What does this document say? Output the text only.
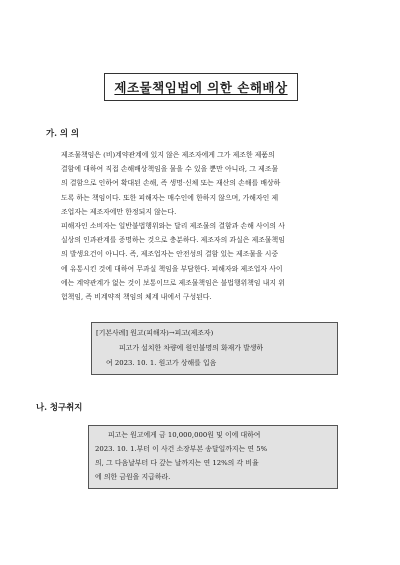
제조물책임법에 의한 손해배상
가. 의 의
제조물책임은 (비)계약관계에 있지 않은 제조자에게 그가 제조한 제품의
결함에 대하여 직접 손해배상책임을 물을 수 있을 뿐만 아니라, 그 제조물
의 결함으로 인하여 확대된 손해, 즉 생명·신체 또는 재산의 손해를 배상하
도록 하는 책임이다. 또한 피해자는 매수인에 한하지 않으며, 가해자인 제
조업자는 제조자에만 한정되지 않는다.
피해자인 소비자는 일반불법행위와는 달리 제조물의 결함과 손해 사이의 사
실상의 인과관계를 증명하는 것으로 충분하다. 제조자의 과실은 제조물책임
의 발생요건이 아니다. 즉, 제조업자는 안전성의 결함 있는 제조물을 시중
에 유통시킨 것에 대하여 무과실 책임을 부담한다. 피해자와 제조업자 사이
에는 계약관계가 없는 것이 보통이므로 제조물책임은 불법행위책임 내지 위
험책임, 즉 비계약적 책임의 체계 내에서 구성된다.
[기본사례] 원고(피해자)→피고(제조자)
피고가 설치한 차량에 원인불명의 화재가 발생하
여 2023. 10. 1. 원고가 상해를 입음
나. 청구취지
피고는 원고에게 금 10,000,000원 및 이에 대하여
2023. 10. 1.부터 이 사건 소장부본 송달일까지는 연 5%
의, 그 다음날부터 다 갚는 날까지는 연 12%의 각 비율
에 의한 금원을 지급하라.
